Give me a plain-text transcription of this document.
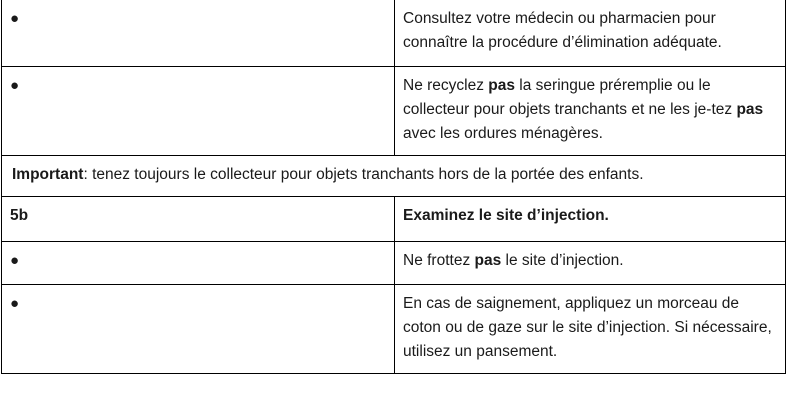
●	Consultez votre médecin ou pharmacien pour connaître la procédure d’élimination adéquate.
●	Ne recyclez pas la seringue préremplie ou le collecteur pour objets tranchants et ne les je-tez pas avec les ordures ménagères.
Important: tenez toujours le collecteur pour objets tranchants hors de la portée des enfants.	
5b	Examinez le site d’injection.
●	Ne frottez pas le site d’injection.
●	En cas de saignement, appliquez un morceau de coton ou de gaze sur le site d’injection. Si nécessaire, utilisez un pansement.
